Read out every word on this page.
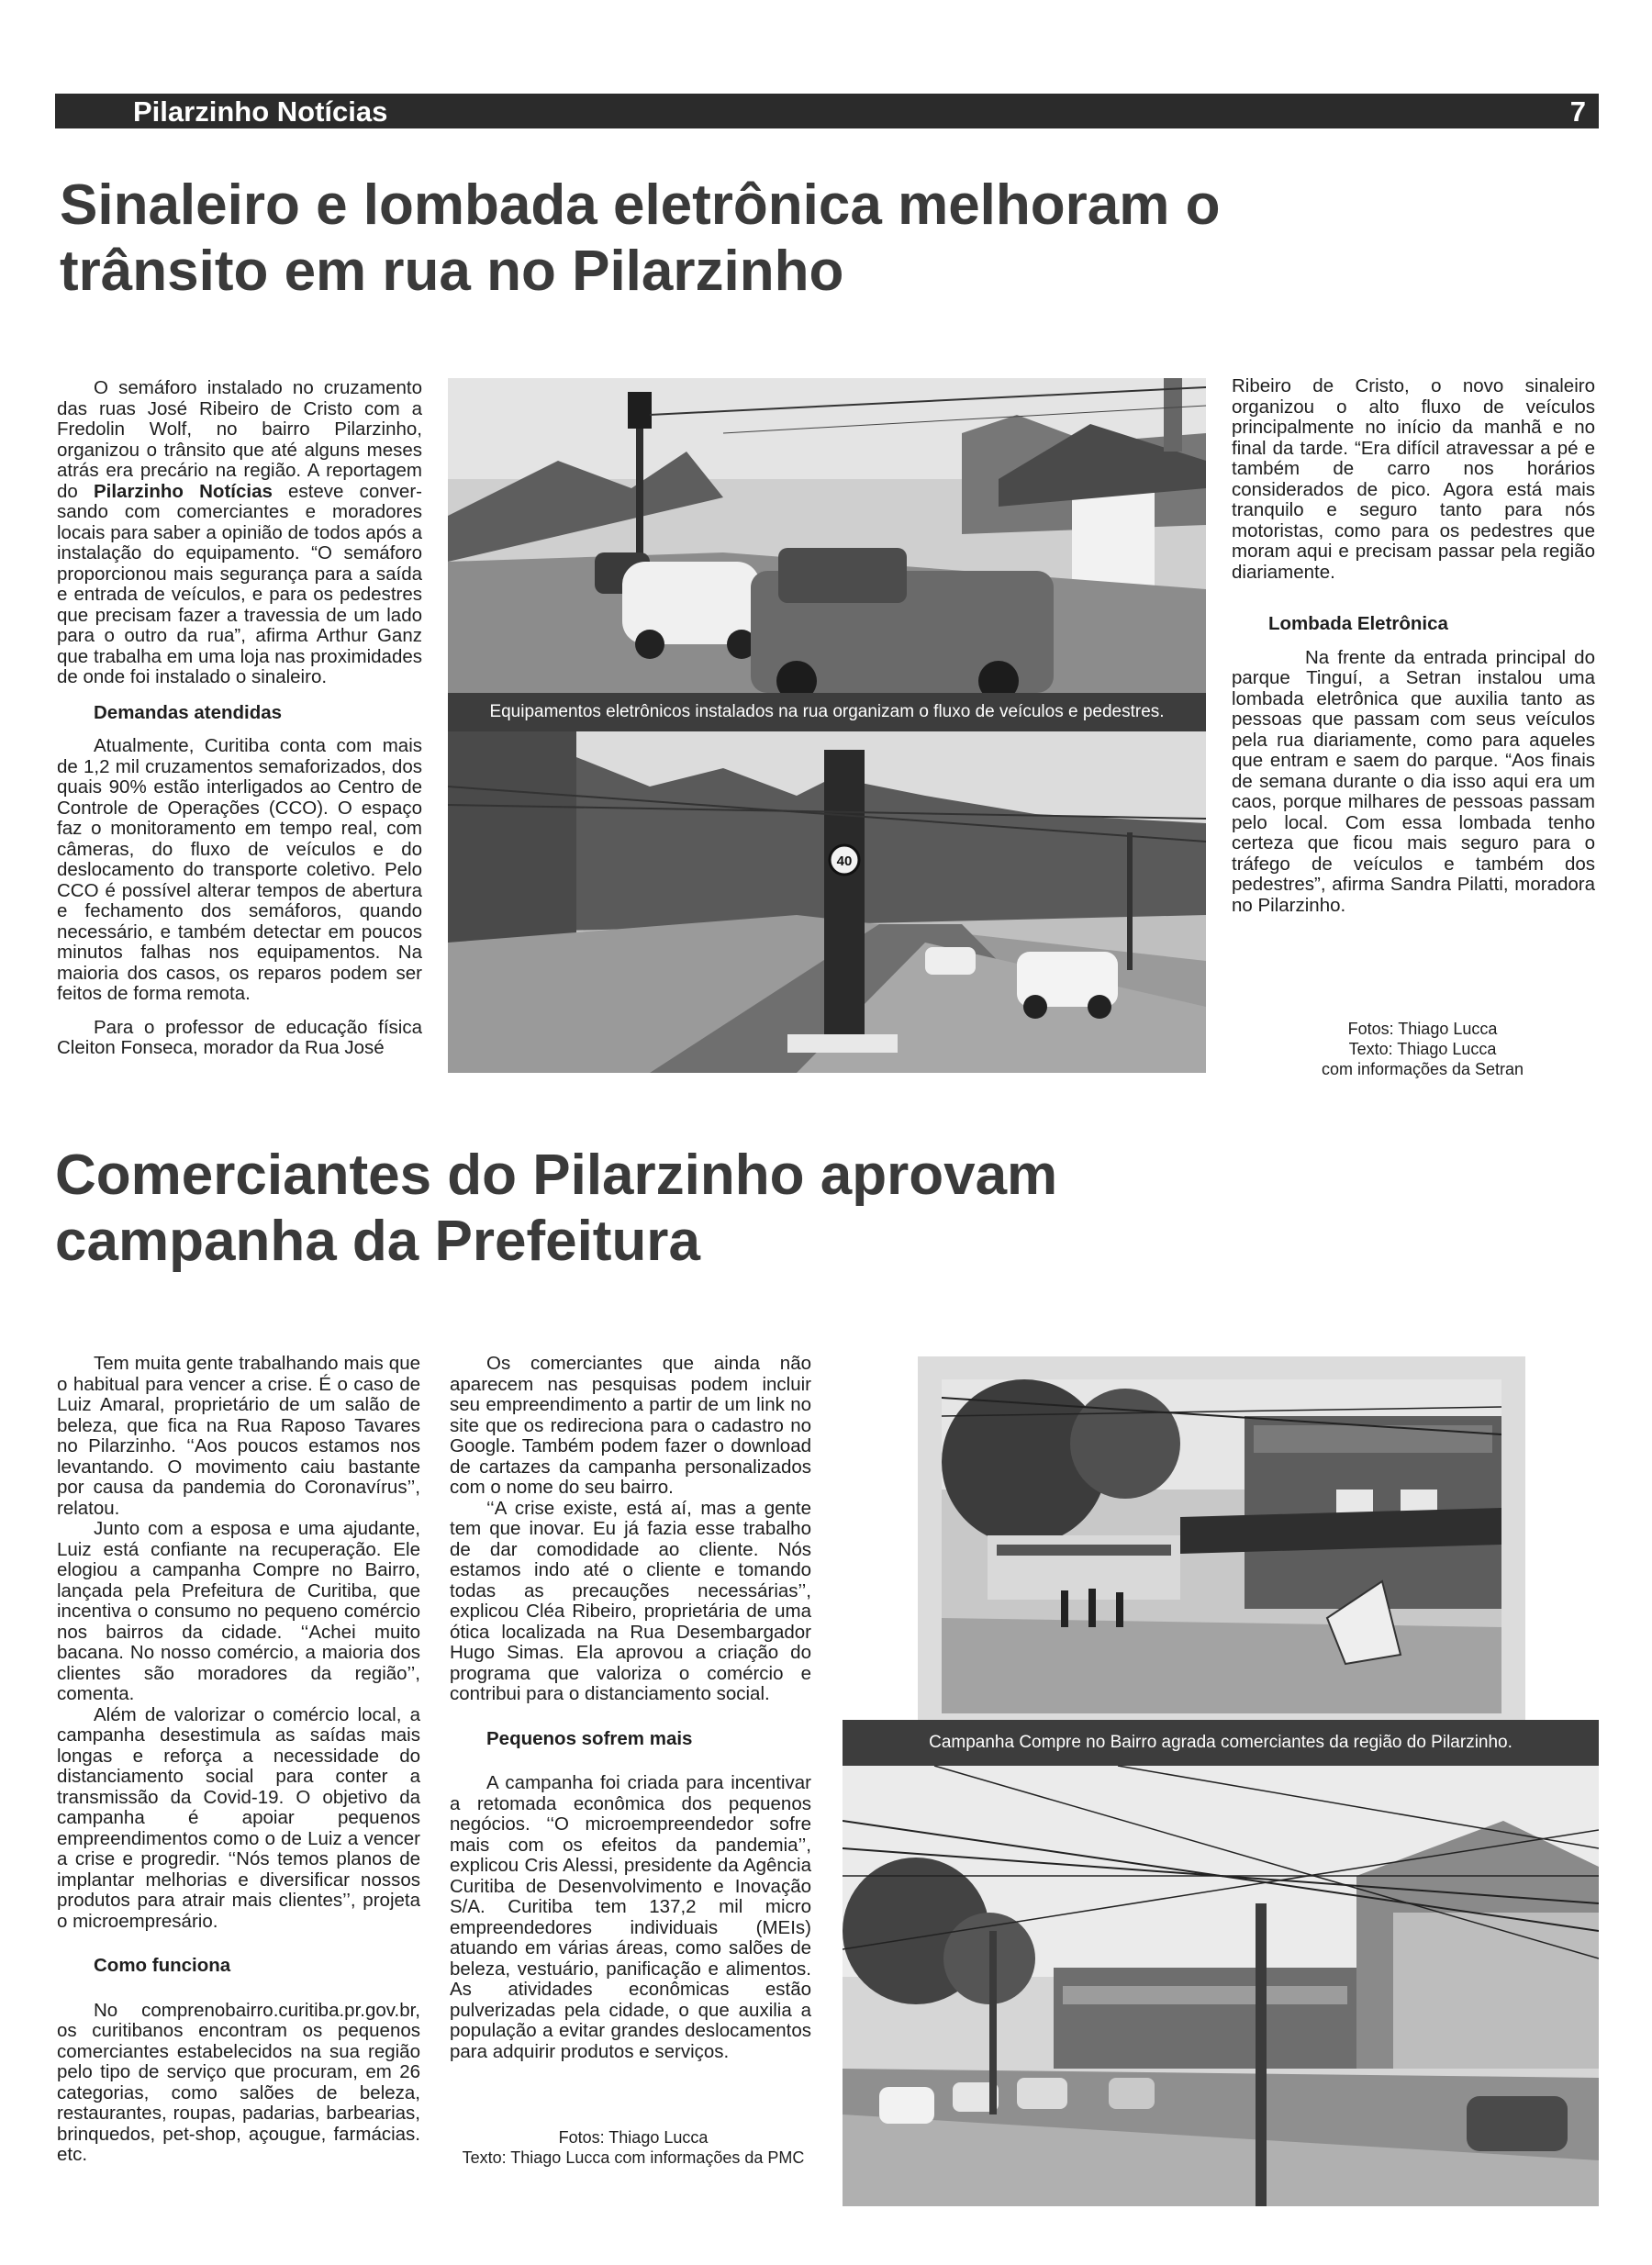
Pilarzinho Notícias	7
Sinaleiro e lombada eletrônica melhoram o
trânsito em rua no Pilarzinho

O semáforo instalado no cruzamento das ruas José Ribeiro de Cristo com a Fredolin Wolf, no bairro Pilarzinho, organizou o trânsito que até alguns meses atrás era precário na região. A reportagem do Pilarzinho Notícias esteve conver-sando com comerciantes e moradores locais para saber a opinião de todos após a instalação do equipamento. “O semáforo proporcionou mais segurança para a saída e entrada de veículos, e para os pedestres que precisam fazer a travessia de um lado para o outro da rua”, afirma Arthur Ganz que trabalha em uma loja nas proximidades de onde foi instalado o sinaleiro.

Demandas atendidas

Atualmente, Curitiba conta com mais de 1,2 mil cruzamentos semaforizados, dos quais 90% estão interligados ao Centro de Controle de Operações (CCO). O espaço faz o monitoramento em tempo real, com câmeras, do fluxo de veículos e do deslocamento do transporte coletivo. Pelo CCO é possível alterar tempos de abertura e fechamento dos semáforos, quando necessário, e também detectar em poucos minutos falhas nos equipamentos. Na maioria dos casos, os reparos podem ser feitos de forma remota.

Para o professor de educação física Cleiton Fonseca, morador da Rua José

Equipamentos eletrônicos instalados na rua organizam o fluxo de veículos e pedestres.
40

Ribeiro de Cristo, o novo sinaleiro organizou o alto fluxo de veículos principalmente no início da manhã e no final da tarde. “Era difícil atravessar a pé e também de carro nos horários considerados de pico. Agora está mais tranquilo e seguro tanto para nós motoristas, como para os pedestres que moram aqui e precisam passar pela região diariamente.

Lombada Eletrônica

Na frente da entrada principal do parque Tinguí, a Setran instalou uma lombada eletrônica que auxilia tanto as pessoas que passam com seus veículos pela rua diariamente, como para aqueles que entram e saem do parque. “Aos finais de semana durante o dia isso aqui era um caos, porque milhares de pessoas passam pelo local. Com essa lombada tenho certeza que ficou mais seguro para o tráfego de veículos e também dos pedestres”, afirma Sandra Pilatti, moradora no Pilarzinho.

Fotos: Thiago Lucca
Texto: Thiago Lucca
com informações da Setran
Comerciantes do Pilarzinho aprovam
campanha da Prefeitura

Tem muita gente trabalhando mais que o habitual para vencer a crise. É o caso de Luiz Amaral, proprietário de um salão de beleza, que fica na Rua Raposo Tavares no Pilarzinho. ‘‘Aos poucos estamos nos levantando. O movimento caiu bastante por causa da pandemia do Coronavírus’’, relatou.

Junto com a esposa e uma ajudante, Luiz está confiante na recuperação. Ele elogiou a campanha Compre no Bairro, lançada pela Prefeitura de Curitiba, que incentiva o consumo no pequeno comércio nos bairros da cidade. ‘‘Achei muito bacana. No nosso comércio, a maioria dos clientes são moradores da região’’, comenta.

Além de valorizar o comércio local, a campanha desestimula as saídas mais longas e reforça a necessidade do distanciamento social para conter a transmissão da Covid-19. O objetivo da campanha é apoiar pequenos empreendimentos como o de Luiz a vencer a crise e progredir. ‘‘Nós temos planos de implantar melhorias e diversificar nossos produtos para atrair mais clientes’’, projeta o microempresário.

Como funciona

No comprenobairro.curitiba.pr.gov.br, os curitibanos encontram os pequenos comerciantes estabelecidos na sua região pelo tipo de serviço que procuram, em 26 categorias, como salões de beleza, restaurantes, roupas, padarias, barbearias, brinquedos, pet-shop, açougue, farmácias. etc.

Os comerciantes que ainda não aparecem nas pesquisas podem incluir seu empreendimento a partir de um link no site que os redireciona para o cadastro no Google. Também podem fazer o download de cartazes da campanha personalizados com o nome do seu bairro.

‘‘A crise existe, está aí, mas a gente tem que inovar. Eu já fazia esse trabalho de dar comodidade ao cliente. Nós estamos indo até o cliente e tomando todas as precauções necessárias’’, explicou Cléa Ribeiro, proprietária de uma ótica localizada na Rua Desembargador Hugo Simas. Ela aprovou a criação do programa que valoriza o comércio e contribui para o distanciamento social.

Pequenos sofrem mais

A campanha foi criada para incentivar a retomada econômica dos pequenos negócios. ‘‘O microempreendedor sofre mais com os efeitos da pandemia’’, explicou Cris Alessi, presidente da Agência Curitiba de Desenvolvimento e Inovação S/A. Curitiba tem 137,2 mil micro empreendedores individuais (MEIs) atuando em várias áreas, como salões de beleza, vestuário, panificação e alimentos. As atividades econômicas estão pulverizadas pela cidade, o que auxilia a população a evitar grandes deslocamentos para adquirir produtos e serviços.

Fotos: Thiago Lucca
Texto: Thiago Lucca com informações da PMC
Campanha Compre no Bairro agrada comerciantes da região do Pilarzinho.
